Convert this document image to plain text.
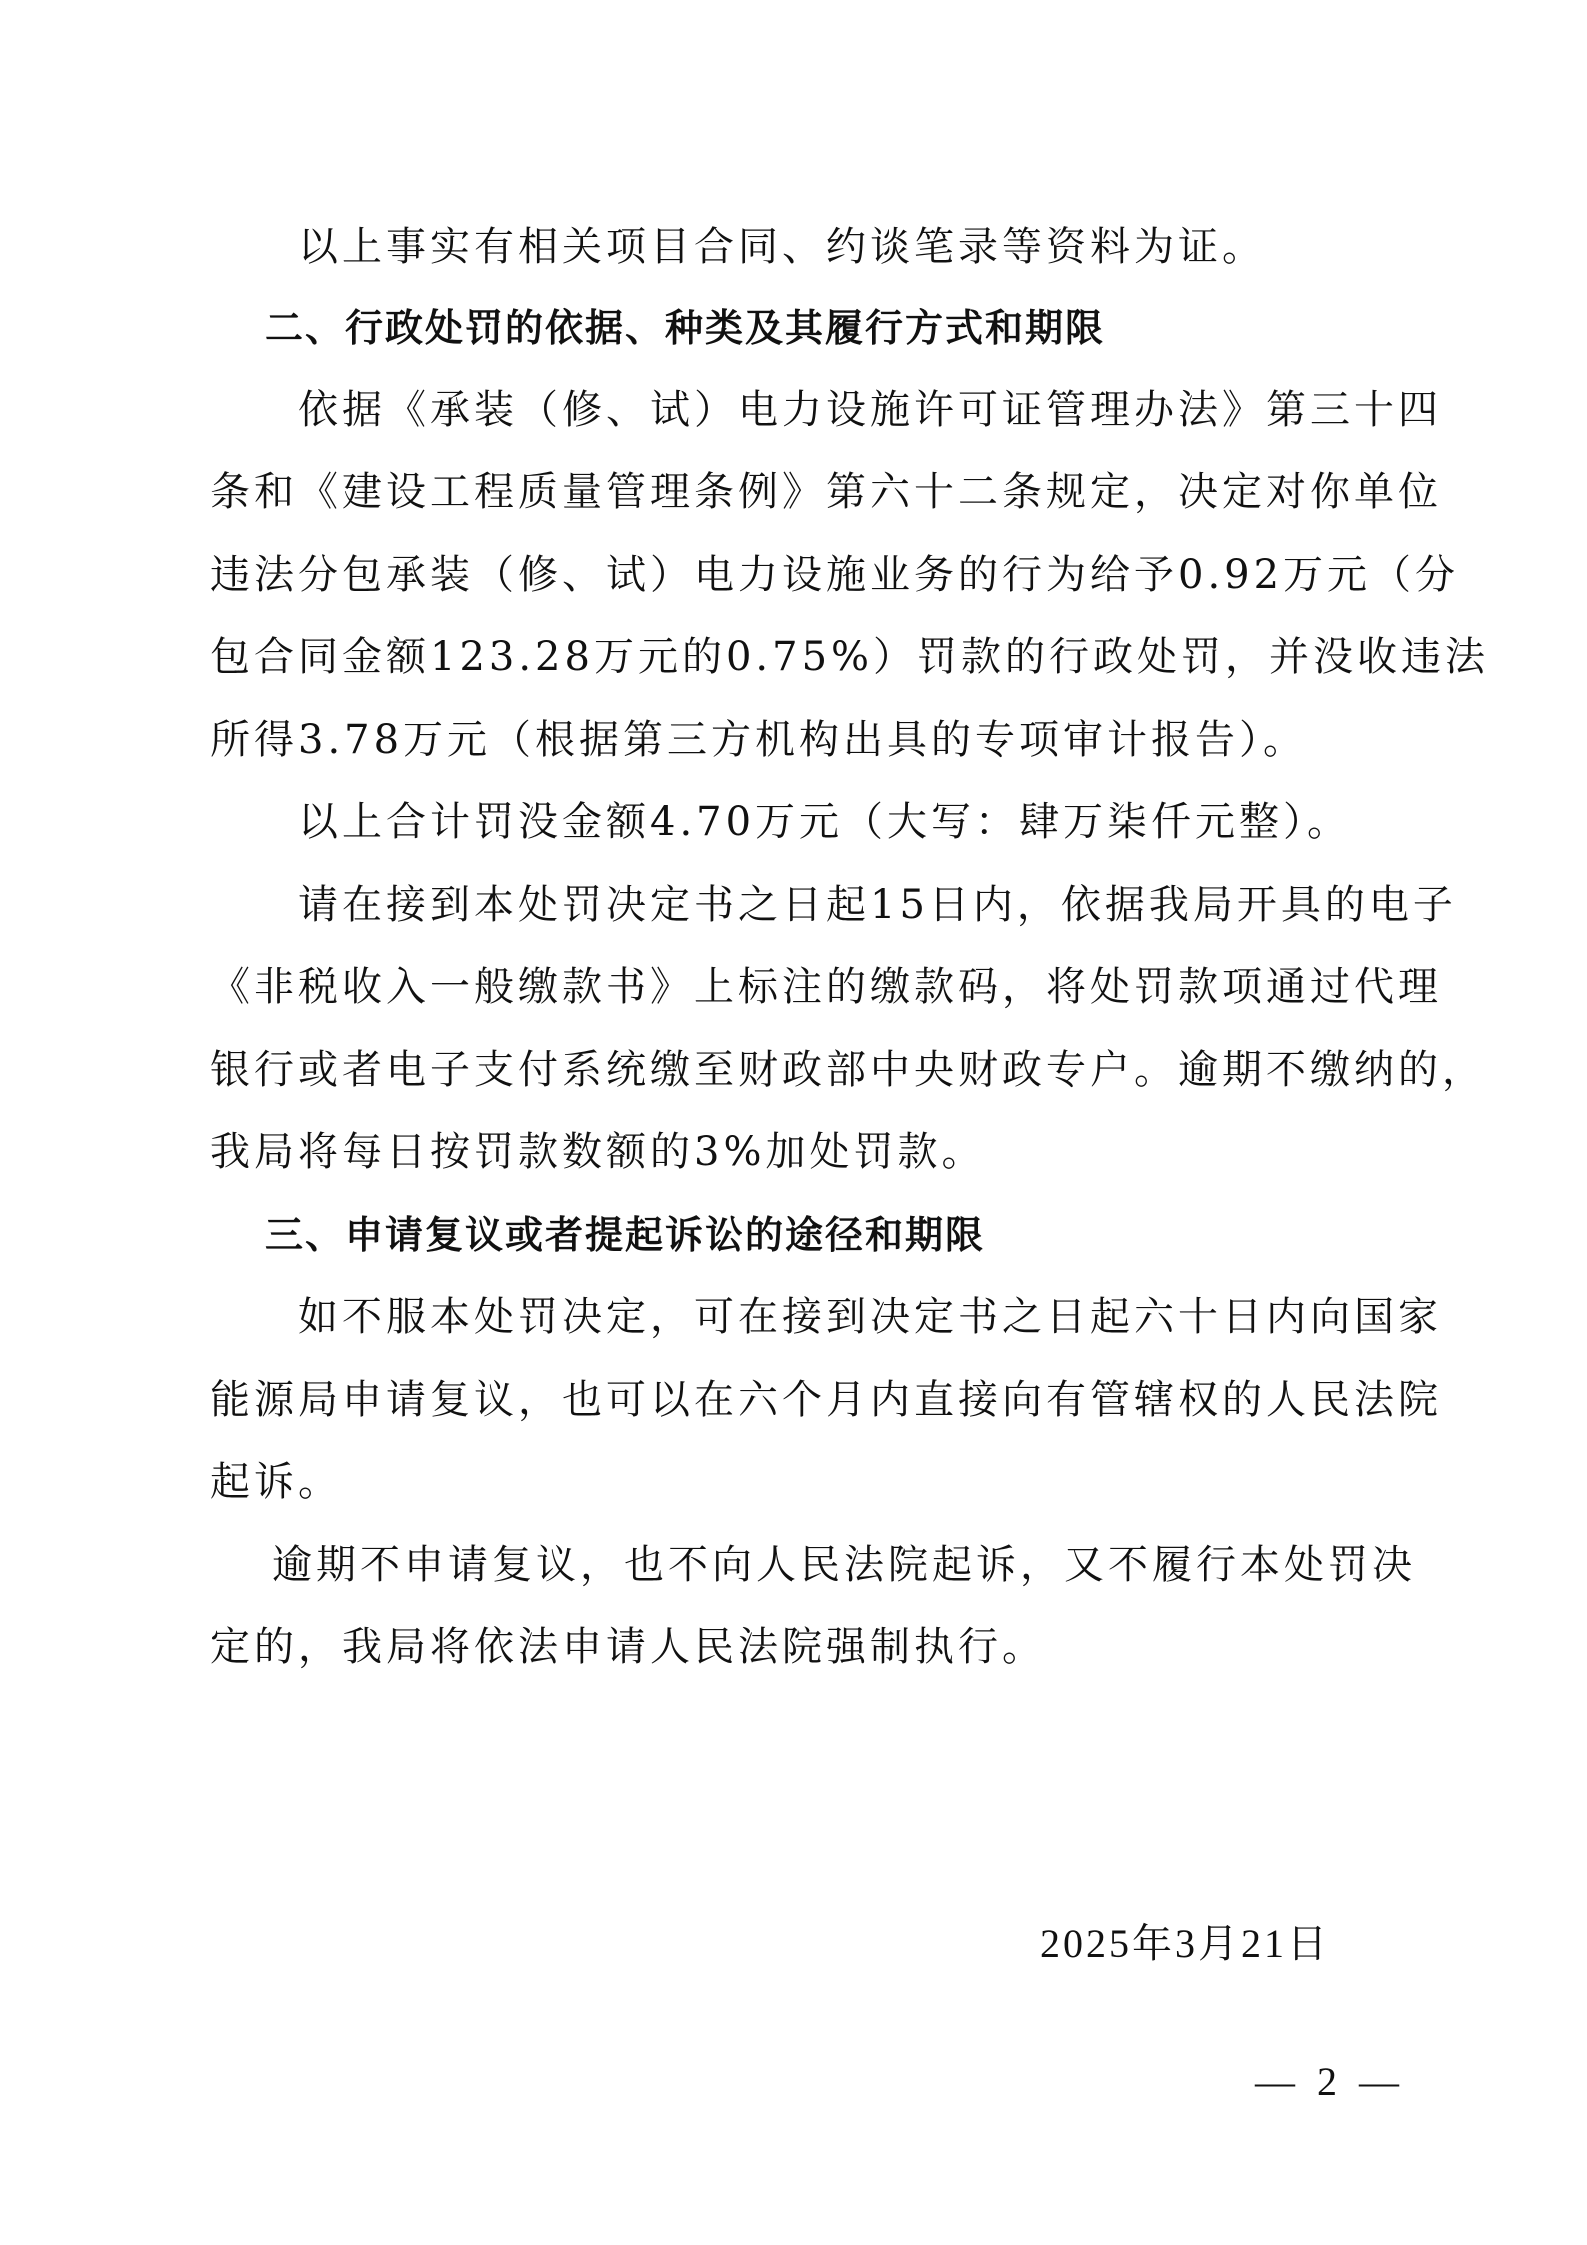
以上事实有相关项目合同、约谈笔录等资料为证。
二、行政处罚的依据、种类及其履行方式和期限
依据《承装（修、试）电力设施许可证管理办法》第三十四
条和《建设工程质量管理条例》第六十二条规定，决定对你单位
违法分包承装（修、试）电力设施业务的行为给予0.92万元（分
包合同金额123.28万元的0.75%）罚款的行政处罚，并没收违法
所得3.78万元（根据第三方机构出具的专项审计报告）。
以上合计罚没金额4.70万元（大写：肆万柒仟元整）。
请在接到本处罚决定书之日起15日内，依据我局开具的电子
《非税收入一般缴款书》上标注的缴款码，将处罚款项通过代理
银行或者电子支付系统缴至财政部中央财政专户。逾期不缴纳的，
我局将每日按罚款数额的3%加处罚款。
三、申请复议或者提起诉讼的途径和期限
如不服本处罚决定，可在接到决定书之日起六十日内向国家
能源局申请复议，也可以在六个月内直接向有管辖权的人民法院
起诉。
逾期不申请复议，也不向人民法院起诉，又不履行本处罚决
定的，我局将依法申请人民法院强制执行。
2025年3月21日
— 2 —
